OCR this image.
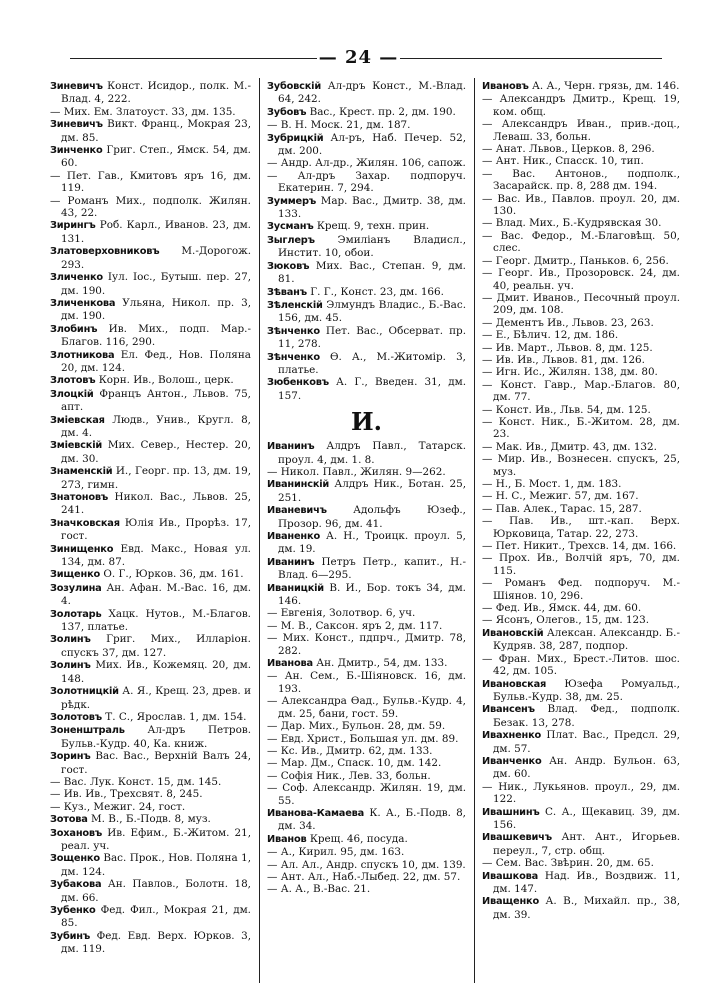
— 24 —

Зиневичъ Конст. Исидор., полк. М.-Влад. 4, 222.

— Мих. Ем. Златоуст. 33, дм. 135.

Зиневичъ Викт. Франц., Мокрая 23, дм. 85.

Зинченко Григ. Степ., Ямск. 54, дм. 60.

— Пет. Гав., Кмитовъ яръ 16, дм. 119.

— Романъ Мих., подполк. Жилян. 43, 22.

Зирингъ Роб. Карл., Иванов. 23, дм. 131.

Златоверховниковъ М.-Дорогож. 293.

Зличенко Іул. Іос., Бутыш. пер. 27, дм. 190.

Зличенкова Ульяна, Никол. пр. 3, дм. 190.

Злобинъ Ив. Мих., подп. Мар.-Благов. 116, 290.

Злотникова Ел. Фед., Нов. Поляна 20, дм. 124.

Злотовъ Корн. Ив., Волош., церк.

Злоцкій Францъ Антон., Львов. 75, апт.

Зміевская Людв., Унив., Кругл. 8, дм. 4.

Зміевскій Мих. Север., Нестер. 20, дм. 30.

Знаменскій И., Георг. пр. 13, дм. 19, 273, гимн.

Знатоновъ Никол. Вас., Львов. 25, 241.

Значковская Юлія Ив., Прорѣз. 17, гост.

Зинищенко Евд. Макс., Новая ул. 134, дм. 87.

Зищенко О. Г., Юрков. 36, дм. 161.

Зозулина Ан. Афан. М.-Вас. 16, дм. 4.

Золотарь Хацк. Нутов., М.-Благов. 137, платье.

Золинъ Григ. Мих., Илларіон. спускъ 37, дм. 127.

Золинъ Мих. Ив., Кожемяц. 20, дм. 148.

Золотницкій А. Я., Крещ. 23, древ. и рѣдк.

Золотовъ Т. С., Ярослав. 1, дм. 154.

Зоненштраль Ал-дръ Петров. Бульв.-Кудр. 40, Ка. книж.

Зоринъ Вас. Вас., Верхній Валъ 24, гост.

— Вас. Лук. Конст. 15, дм. 145.

— Ив. Ив., Трехсвят. 8, 245.

— Куз., Межиг. 24, гост.

Зотова М. В., Б.-Подв. 8, муз.

Зохановъ Ив. Ефим., Б.-Житом. 21, реал. уч.

Зощенко Вас. Прок., Нов. Поляна 1, дм. 124.

Зубакова Ан. Павлов., Болотн. 18, дм. 66.

Зубенко Фед. Фил., Мокрая 21, дм. 85.

Зубинъ Фед. Евд. Верх. Юрков. 3, дм. 119.

Зубовскій Ал-дръ Конст., М.-Влад. 64, 242.

Зубовъ Вас., Крест. пр. 2, дм. 190.

— В. Н. Моск. 21, дм. 187.

Зубрицкій Ал-ръ, Наб. Печер. 52, дм. 200.

— Андр. Ал-др., Жилян. 106, сапож.

— Ал-дръ Захар. подпоруч. Екатерин. 7, 294.

Зуммеръ Мар. Вас., Дмитр. 38, дм. 133.

Зусманъ Крещ. 9, техн. прин.

Зыглеръ Эмиліанъ Владисл., Инстит. 10, обои.

Зюковъ Мих. Вас., Степан. 9, дм. 81.

Зѣванъ Г. Г., Конст. 23, дм. 166.

Зѣленскій Элмундъ Владис., Б.-Вас. 156, дм. 45.

Зѣнченко Пет. Вас., Обсерват. пр. 11, 278.

Зѣнченко Ѳ. А., М.-Житомір. 3, платье.

Зюбенковъ А. Г., Введен. 31, дм. 157.

И.

Иванинъ Алдръ Павл., Татарск. проул. 4, дм. 1. 8.

— Никол. Павл., Жилян. 9—262.

Иванинскій Алдръ Ник., Ботан. 25, 251.

Иваневичъ	Адольфъ Юзеф., Прозор. 96, дм. 41.

Иваненко А. Н., Троицк. проул. 5, дм. 19.

Иванинъ Петръ Петр., капит., Н.-Влад. 6—295.

Иваницкій В. И., Бор. токъ 34, дм. 146.

— Евгенія, Золотвор. 6, уч.

— М. В., Саксон. яръ 2, дм. 117.

— Мих. Конст., пдпрч., Дмитр. 78, 282.

Иванова Ан. Дмитр., 54, дм. 133.

— Ан. Сем., Б.-Шіяновск. 16, дм. 193.

— Александра Ѳад., Бульв.-Кудр. 4, дм. 25, бани, гост. 59.

— Дар. Мих., Бульон. 28, дм. 59.

— Евд. Христ., Большая ул. дм. 89.

— Кс. Ив., Дмитр. 62, дм. 133.

— Мар. Дм., Спаск. 10, дм. 142.

— Софія Ник., Лев. 33, больн.

— Соф. Александр. Жилян. 19, дм. 55.

Иванова-Камаева К. А., Б.-Подв. 8, дм. 34.

Иванов Крещ. 46, посуда.

— А., Кирил. 95, дм. 163.

— Ал. Ал., Андр. спускъ 10, дм. 139.

— Ант. Ал., Наб.-Лыбед. 22, дм. 57.

— А. А., В.-Вас. 21.

Ивановъ А. А., Черн. грязь, дм. 146.

— Александръ Дмитр., Крещ. 19, ком. общ.

— Александръ Иван., прив.-доц., Леваш. 33, больн.

— Анат. Львов., Церков. 8, 296.

— Ант. Ник., Спасск. 10, тип.

— Вас. Антонов., подполк., Засарайск. пр. 8, 288 дм. 194.

— Вас. Ив., Павлов. проул. 20, дм. 130.

— Влад. Мих., Б.-Кудрявская 30.

— Вас. Федор., М.-Благовѣщ. 50, слес.

— Георг. Дмитр., Паньков. 6, 256.

— Георг. Ив., Прозоровск. 24, дм. 40, реальн. уч.

— Дмит. Иванов., Песочный проул. 209, дм. 108.

— Дементъ Ив., Львов. 23, 263.

— Е., Бѣлич. 12, дм. 186.

— Ив. Март., Львов. 8, дм. 125.

— Ив. Ив., Львов. 81, дм. 126.

— Игн. Ис., Жилян. 138, дм. 80.

— Конст. Гавр., Мар.-Благов. 80, дм. 77.

— Конст. Ив., Льв. 54, дм. 125.

— Конст. Ник., Б.-Житом. 28, дм. 23.

— Мак. Ив., Дмитр. 43, дм. 132.

— Мир. Ив., Вознесен. спускъ, 25, муз.

— Н., Б. Мост. 1, дм. 183.

— Н. С., Межиг. 57, дм. 167.

— Пав. Алек., Тарас. 15, 287.

— Пав. Ив., шт.-кап. Верх. Юрковица, Татар. 22, 273.

— Пет. Никит., Трехсв. 14, дм. 166.

— Прох. Ив., Волчій яръ, 70, дм. 115.

— Романъ Фед. подпоруч. М.-Шіянов. 10, 296.

— Фед. Ив., Ямск. 44, дм. 60.

— Ясонъ, Олегов., 15, дм. 123.

Ивановскій Алексан. Александр. Б.-Кудряв. 38, 287, подпор.

— Фран. Мих., Брест.-Литов. шос. 42, дм. 105.

Ивановская Юзефа Ромуальд., Бульв.-Кудр. 38, дм. 25.

Ивансенъ Влад. Фед., подполк. Безак. 13, 278.

Ивахненко Плат. Вас., Предсл. 29, дм. 57.

Иванченко Ан. Андр. Бульон. 63, дм. 60.

— Ник., Лукьянов. проул., 29, дм. 122.

Ивашнинъ С. А., Щекавиц. 39, дм. 156.

Ивашкевичъ Ант. Ант., Игорьев. переул., 7, стр. общ.

— Сем. Вас. Звѣрин. 20, дм. 65.

Ивашкова Над. Ив., Воздвиж. 11, дм. 147.

Иващенко А. В., Михайл. пр., 38, дм. 39.
